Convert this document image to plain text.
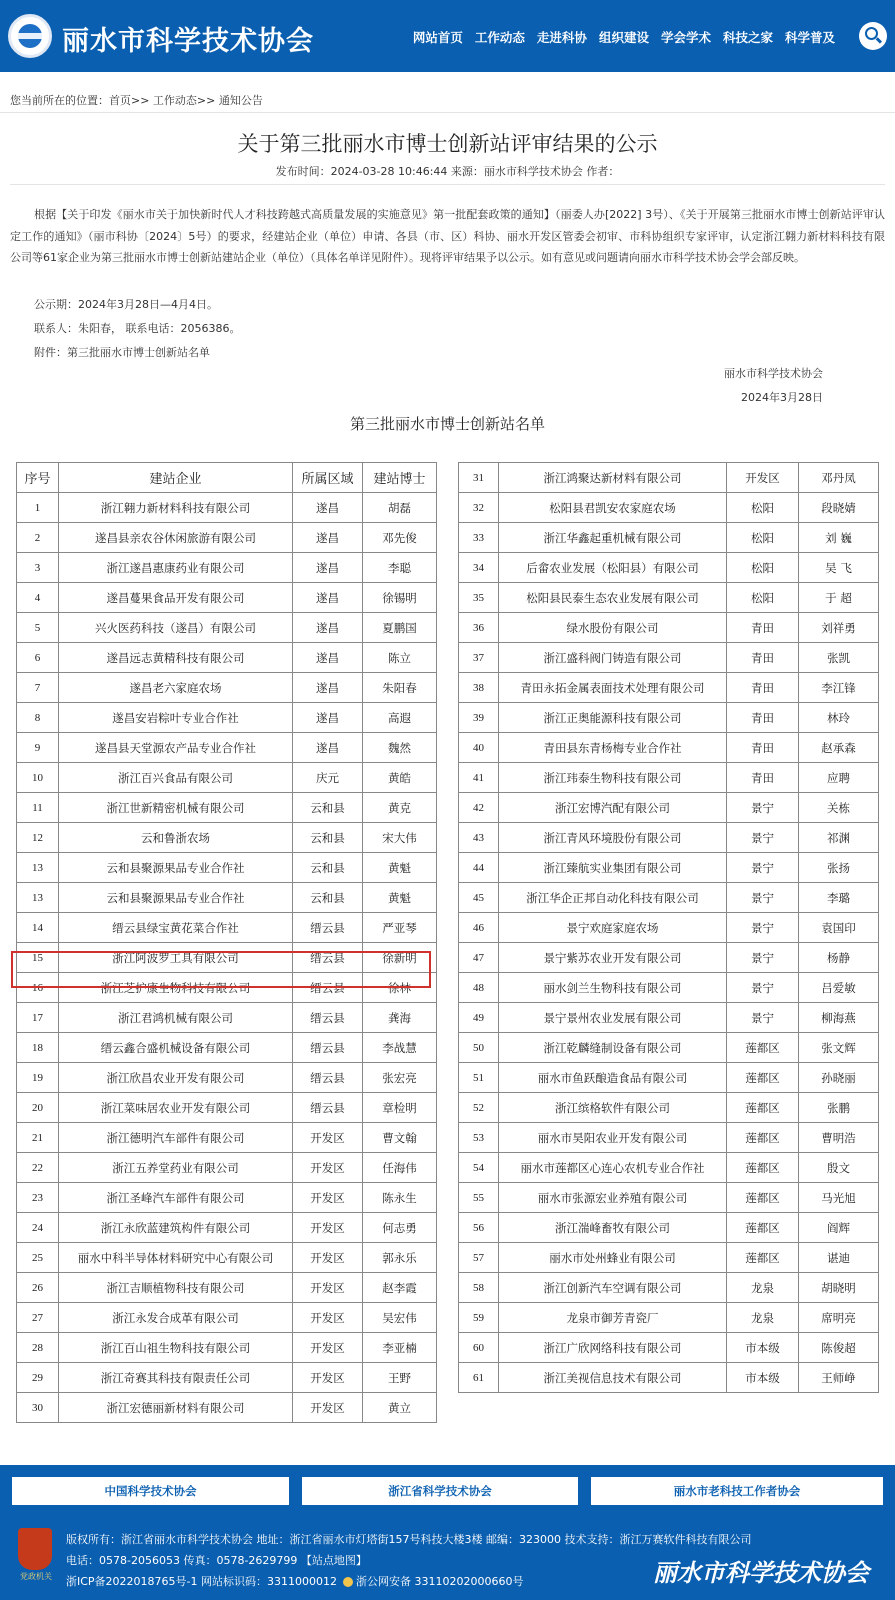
丽水市科学技术协会	网站首页 工作动态 走进科协 组织建设 学会学术 科技之家 科学普及
您当前所在的位置：首页>> 工作动态>> 通知公告
关于第三批丽水市博士创新站评审结果的公示
发布时间：2024-03-28 10:46:44 来源：丽水市科学技术协会 作者：
根据【关于印发《丽水市关于加快新时代人才科技跨越式高质量发展的实施意见》第一批配套政策的通知】（丽委人办[2022] 3号）、《关于开展第三批丽水市博士创新站评审认定工作的通知》（丽市科协〔2024〕5号）的要求，经建站企业（单位）申请、各县（市、区）科协、丽水开发区管委会初审、市科协组织专家评审，认定浙江翱力新材料科技有限公司等61家企业为第三批丽水市博士创新站建站企业（单位）（具体名单详见附件）。现将评审结果予以公示。如有意见或问题请向丽水市科学技术协会学会部反映。
公示期：2024年3月28日—4月4日。
联系人：朱阳春， 联系电话：2056386。
附件：第三批丽水市博士创新站名单
丽水市科学技术协会
2024年3月28日
第三批丽水市博士创新站名单
序号	建站企业	所属区域	建站博士
1	浙江翱力新材料科技有限公司	遂昌	胡磊
2	遂昌县亲农谷休闲旅游有限公司	遂昌	邓先俊
3	浙江遂昌惠康药业有限公司	遂昌	李聪
4	遂昌蔓果食品开发有限公司	遂昌	徐锡明
5	兴火医药科技（遂昌）有限公司	遂昌	夏鹏国
6	遂昌远志黄精科技有限公司	遂昌	陈立
7	遂昌老六家庭农场	遂昌	朱阳春
8	遂昌安岩粽叶专业合作社	遂昌	高遐
9	遂昌县天堂源农产品专业合作社	遂昌	魏然
10	浙江百兴食品有限公司	庆元	黄皓
11	浙江世新精密机械有限公司	云和县	黄克
12	云和鲁浙农场	云和县	宋大伟
13	云和县聚源果品专业合作社	云和县	黄魁
13	云和县聚源果品专业合作社	云和县	黄魁
14	缙云县绿宝黄花菜合作社	缙云县	严亚琴
15	浙江阿波罗工具有限公司	缙云县	徐新明
16	浙江芝护康生物科技有限公司	缙云县	徐林
17	浙江君鸿机械有限公司	缙云县	龚海
18	缙云鑫合盛机械设备有限公司	缙云县	李战慧
19	浙江欣昌农业开发有限公司	缙云县	张宏亮
20	浙江菜味居农业开发有限公司	缙云县	章检明
21	浙江德明汽车部件有限公司	开发区	曹文翰
22	浙江五养堂药业有限公司	开发区	任海伟
23	浙江圣峰汽车部件有限公司	开发区	陈永生
24	浙江永欣蓝建筑构件有限公司	开发区	何志勇
25	丽水中科半导体材料研究中心有限公司	开发区	郭永乐
26	浙江吉顺植物科技有限公司	开发区	赵李霞
27	浙江永发合成革有限公司	开发区	吴宏伟
28	浙江百山祖生物科技有限公司	开发区	李亚楠
29	浙江奇赛其科技有限责任公司	开发区	王野
30	浙江宏德丽新材料有限公司	开发区	黄立
31	浙江鸿聚达新材料有限公司	开发区	邓丹凤
32	松阳县君凯安农家庭农场	松阳	段晓婧
33	浙江华鑫起重机械有限公司	松阳	刘 巍
34	后畲农业发展（松阳县）有限公司	松阳	吴 飞
35	松阳县民泰生态农业发展有限公司	松阳	于 超
36	绿水股份有限公司	青田	刘祥勇
37	浙江盛科阀门铸造有限公司	青田	张凯
38	青田永拓金属表面技术处理有限公司	青田	李江锋
39	浙江正奥能源科技有限公司	青田	林玲
40	青田县东青杨梅专业合作社	青田	赵承森
41	浙江玮泰生物科技有限公司	青田	应聘
42	浙江宏博汽配有限公司	景宁	关栋
43	浙江青风环境股份有限公司	景宁	祁渊
44	浙江臻航实业集团有限公司	景宁	张扬
45	浙江华企正邦自动化科技有限公司	景宁	李璐
46	景宁欢庭家庭农场	景宁	袁国印
47	景宁紫苏农业开发有限公司	景宁	杨静
48	丽水剑兰生物科技有限公司	景宁	吕爱敏
49	景宁景州农业发展有限公司	景宁	柳海燕
50	浙江乾麟缝制设备有限公司	莲都区	张文辉
51	丽水市鱼跃酿造食品有限公司	莲都区	孙晓丽
52	浙江缤格软件有限公司	莲都区	张鹏
53	丽水市昊阳农业开发有限公司	莲都区	曹明浩
54	丽水市莲都区心连心农机专业合作社	莲都区	殷文
55	丽水市张源宏业养殖有限公司	莲都区	马光旭
56	浙江湍峰畜牧有限公司	莲都区	阎辉
57	丽水市处州蜂业有限公司	莲都区	谌迪
58	浙江创新汽车空调有限公司	龙泉	胡晓明
59	龙泉市御芳青瓷厂	龙泉	席明亮
60	浙江广欣网络科技有限公司	市本级	陈俊超
61	浙江美视信息技术有限公司	市本级	王师峥
中国科学技术协会	浙江省科学技术协会	丽水市老科技工作者协会
党政机关
版权所有：浙江省丽水市科学技术协会 地址：浙江省丽水市灯塔街157号科技大楼3楼 邮编：323000 技术支持：浙江万赛软件科技有限公司
电话：0578-2056053 传真：0578-2629799 【站点地图】
浙ICP备2022018765号-1 网站标识码：3311000012 浙公网安备 33110202000660号	丽水市科学技术协会
